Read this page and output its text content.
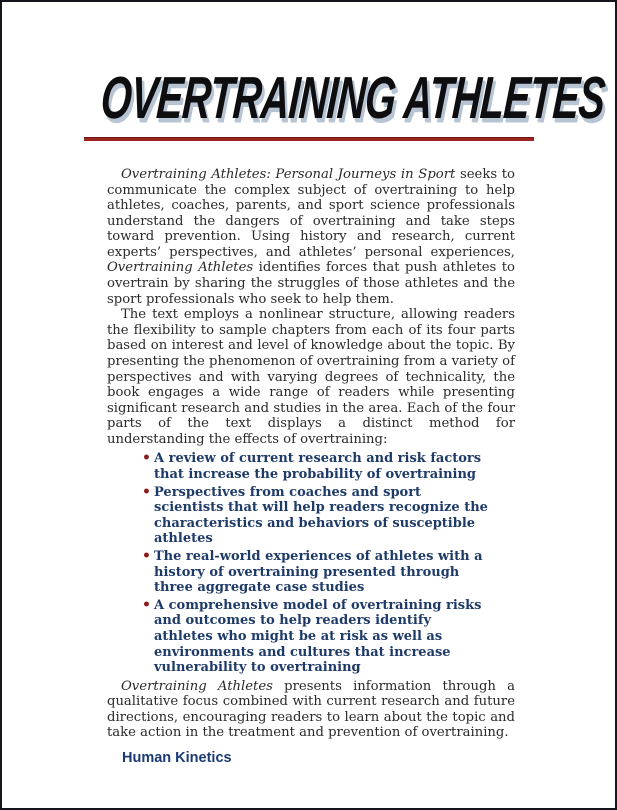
OVERTRAINING ATHLETES

Overtraining Athletes: Personal Journeys in Sport seeks to communicate the complex subject of overtraining to help athletes, coaches, parents, and sport science professionals understand the dangers of overtraining and take steps toward prevention. Using history and research, current experts’ perspectives, and athletes’ personal experiences, Overtraining Athletes identifies forces that push athletes to overtrain by sharing the struggles of those athletes and the sport professionals who seek to help them.

The text employs a nonlinear structure, allowing readers the flexibility to sample chapters from each of its four parts based on interest and level of knowledge about the topic. By presenting the phenomenon of overtraining from a variety of perspectives and with varying degrees of technicality, the book engages a wide range of readers while presenting significant research and studies in the area. Each of the four parts of the text displays a distinct method for understanding the effects of overtraining:

• A review of current research and risk factors that increase the probability of overtraining
• Perspectives from coaches and sport scientists that will help readers recognize the characteristics and behaviors of susceptible athletes
• The real-world experiences of athletes with a history of overtraining presented through three aggregate case studies
• A comprehensive model of overtraining risks and outcomes to help readers identify athletes who might be at risk as well as environments and cultures that increase vulnerability to overtraining

Overtraining Athletes presents information through a qualitative focus combined with current research and future directions, encouraging readers to learn about the topic and take action in the treatment and prevention of overtraining.

Human Kinetics
